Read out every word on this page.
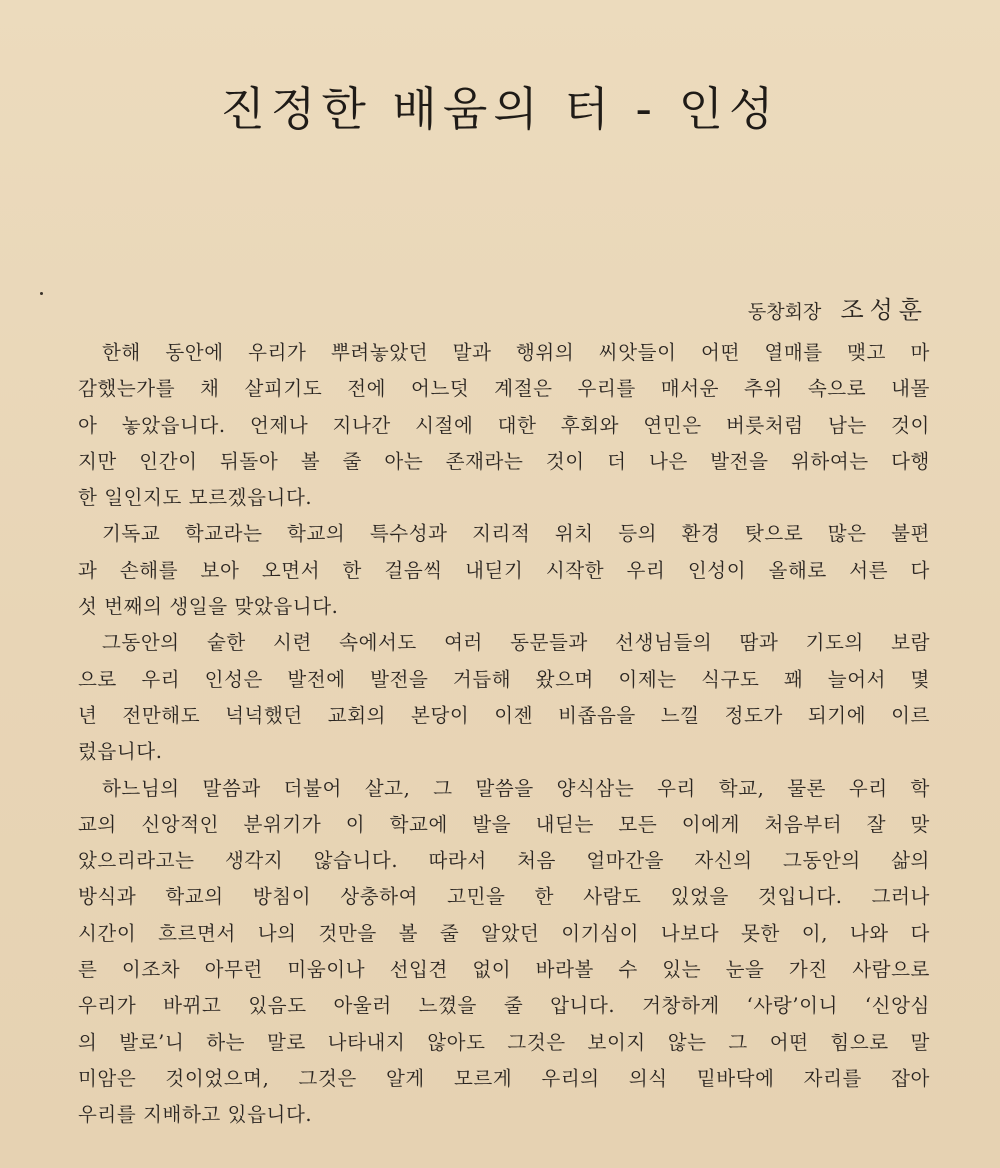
진정한 배움의 터 - 인성
동창회장 조성훈

한해 동안에 우리가 뿌려놓았던 말과 행위의 씨앗들이 어떤 열매를 맺고 마
감했는가를 채 살피기도 전에 어느덧 계절은 우리를 매서운 추위 속으로 내몰
아 놓았읍니다. 언제나 지나간 시절에 대한 후회와 연민은 버릇처럼 남는 것이
지만 인간이 뒤돌아 볼 줄 아는 존재라는 것이 더 나은 발전을 위하여는 다행
한 일인지도 모르겠읍니다.

기독교 학교라는 학교의 특수성과 지리적 위치 등의 환경 탓으로 많은 불편
과 손해를 보아 오면서 한 걸음씩 내딛기 시작한 우리 인성이 올해로 서른 다
섯 번째의 생일을 맞았읍니다.

그동안의 숱한 시련 속에서도 여러 동문들과 선생님들의 땀과 기도의 보람
으로 우리 인성은 발전에 발전을 거듭해 왔으며 이제는 식구도 꽤 늘어서 몇
년 전만해도 넉넉했던 교회의 본당이 이젠 비좁음을 느낄 정도가 되기에 이르
렀읍니다.

하느님의 말씀과 더불어 살고, 그 말씀을 양식삼는 우리 학교, 물론 우리 학
교의 신앙적인 분위기가 이 학교에 발을 내딛는 모든 이에게 처음부터 잘 맞
았으리라고는 생각지 않습니다. 따라서 처음 얼마간을 자신의 그동안의 삶의
방식과 학교의 방침이 상충하여 고민을 한 사람도 있었을 것입니다. 그러나
시간이 흐르면서 나의 것만을 볼 줄 알았던 이기심이 나보다 못한 이, 나와 다
른 이조차 아무런 미움이나 선입견 없이 바라볼 수 있는 눈을 가진 사람으로
우리가 바뀌고 있음도 아울러 느꼈을 줄 압니다. 거창하게 ‘사랑’이니 ‘신앙심
의 발로’니 하는 말로 나타내지 않아도 그것은 보이지 않는 그 어떤 힘으로 말
미암은 것이었으며, 그것은 알게 모르게 우리의 의식 밑바닥에 자리를 잡아
우리를 지배하고 있읍니다.
